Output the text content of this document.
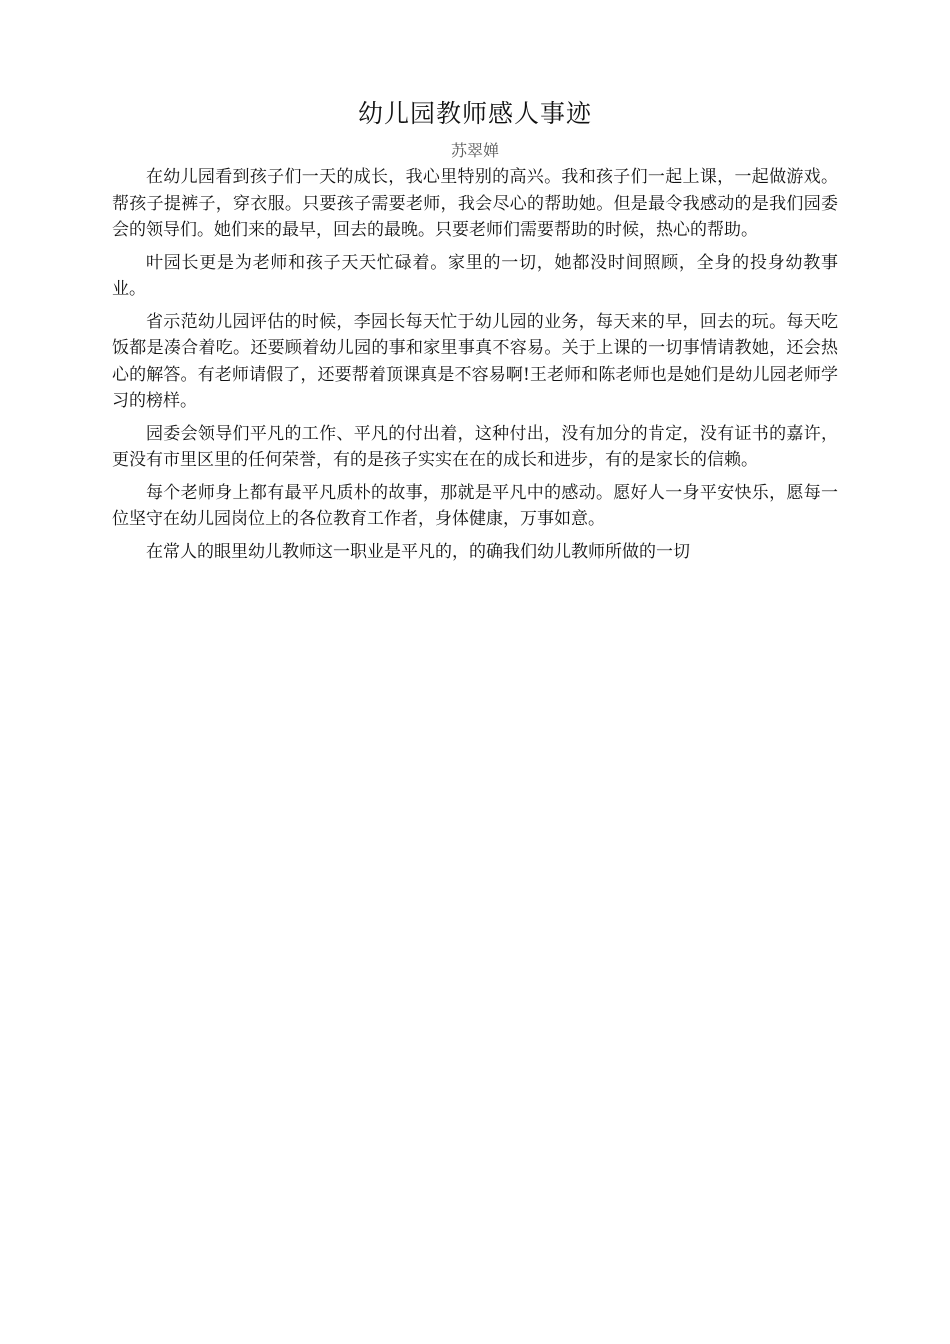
幼儿园教师感人事迹
苏翠婵

在幼儿园看到孩子们一天的成长，我心里特别的高兴。我和孩子们一起上课，一起做游戏。帮孩子提裤子，穿衣服。只要孩子需要老师，我会尽心的帮助她。但是最令我感动的是我们园委会的领导们。她们来的最早，回去的最晚。只要老师们需要帮助的时候，热心的帮助。

叶园长更是为老师和孩子天天忙碌着。家里的一切，她都没时间照顾，全身的投身幼教事业。

省示范幼儿园评估的时候，李园长每天忙于幼儿园的业务，每天来的早，回去的玩。每天吃饭都是凑合着吃。还要顾着幼儿园的事和家里事真不容易。关于上课的一切事情请教她，还会热心的解答。有老师请假了，还要帮着顶课真是不容易啊!王老师和陈老师也是她们是幼儿园老师学习的榜样。

园委会领导们平凡的工作、平凡的付出着，这种付出，没有加分的肯定，没有证书的嘉许，更没有市里区里的任何荣誉，有的是孩子实实在在的成长和进步，有的是家长的信赖。

每个老师身上都有最平凡质朴的故事，那就是平凡中的感动。愿好人一身平安快乐，愿每一位坚守在幼儿园岗位上的各位教育工作者，身体健康，万事如意。

在常人的眼里幼儿教师这一职业是平凡的，的确我们幼儿教师所做的一切
